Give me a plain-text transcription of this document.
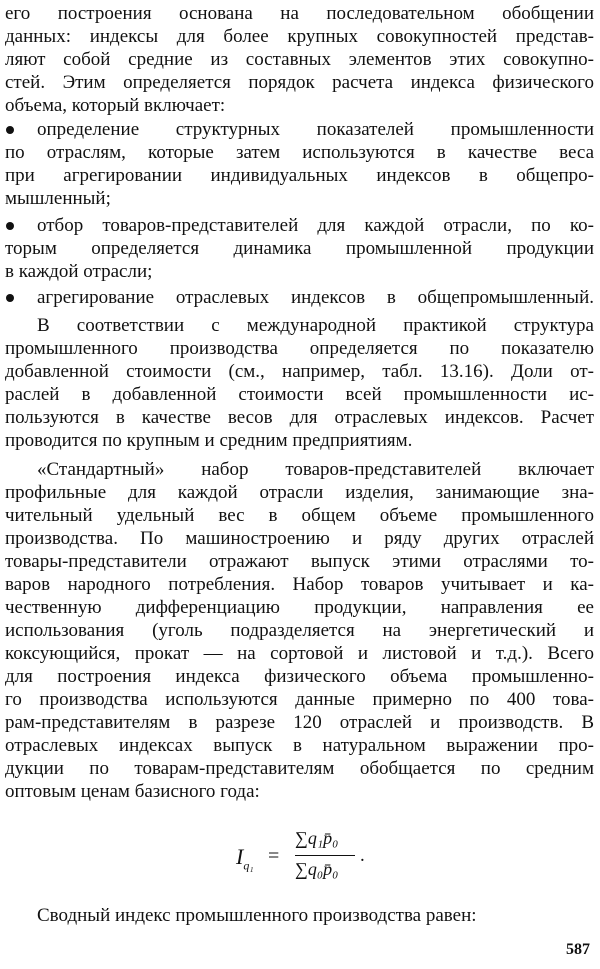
его построения основана на последовательном обобщении
данных: индексы для более крупных совокупностей представ-
ляют собой средние из составных элементов этих совокупно-
стей. Этим определяется порядок расчета индекса физического
объема, который включает:
определение структурных показателей промышленности
по отраслям, которые затем используются в качестве веса
при агрегировании индивидуальных индексов в общепро-
мышленный;
отбор товаров-представителей для каждой отрасли, по ко-
торым определяется динамика промышленной продукции
в каждой отрасли;
агрегирование отраслевых индексов в общепромышленный.
В соответствии с международной практикой структура
промышленного производства определяется по показателю
добавленной стоимости (см., например, табл. 13.16). Доли от-
раслей в добавленной стоимости всей промышленности ис-
пользуются в качестве весов для отраслевых индексов. Расчет
проводится по крупным и средним предприятиям.
«Стандартный» набор товаров-представителей включает
профильные для каждой отрасли изделия, занимающие зна-
чительный удельный вес в общем объеме промышленного
производства. По машиностроению и ряду других отраслей
товары-представители отражают выпуск этими отраслями то-
варов народного потребления. Набор товаров учитывает и ка-
чественную дифференциацию продукции, направления ее
использования (уголь подразделяется на энергетический и
коксующийся, прокат — на сортовой и листовой и т.д.). Всего
для построения индекса физического объема промышленно-
го производства используются данные примерно по 400 това-
рам-представителям в разрезе 120 отраслей и производств. В
отраслевых индексах выпуск в натуральном выражении про-
дукции по товарам-представителям обобщается по средним
оптовым ценам базисного года:
$I_{q_1}$ =
∑q₁p̄₀
∑q₀p̄₀
.
Сводный индекс промышленного производства равен:
587
